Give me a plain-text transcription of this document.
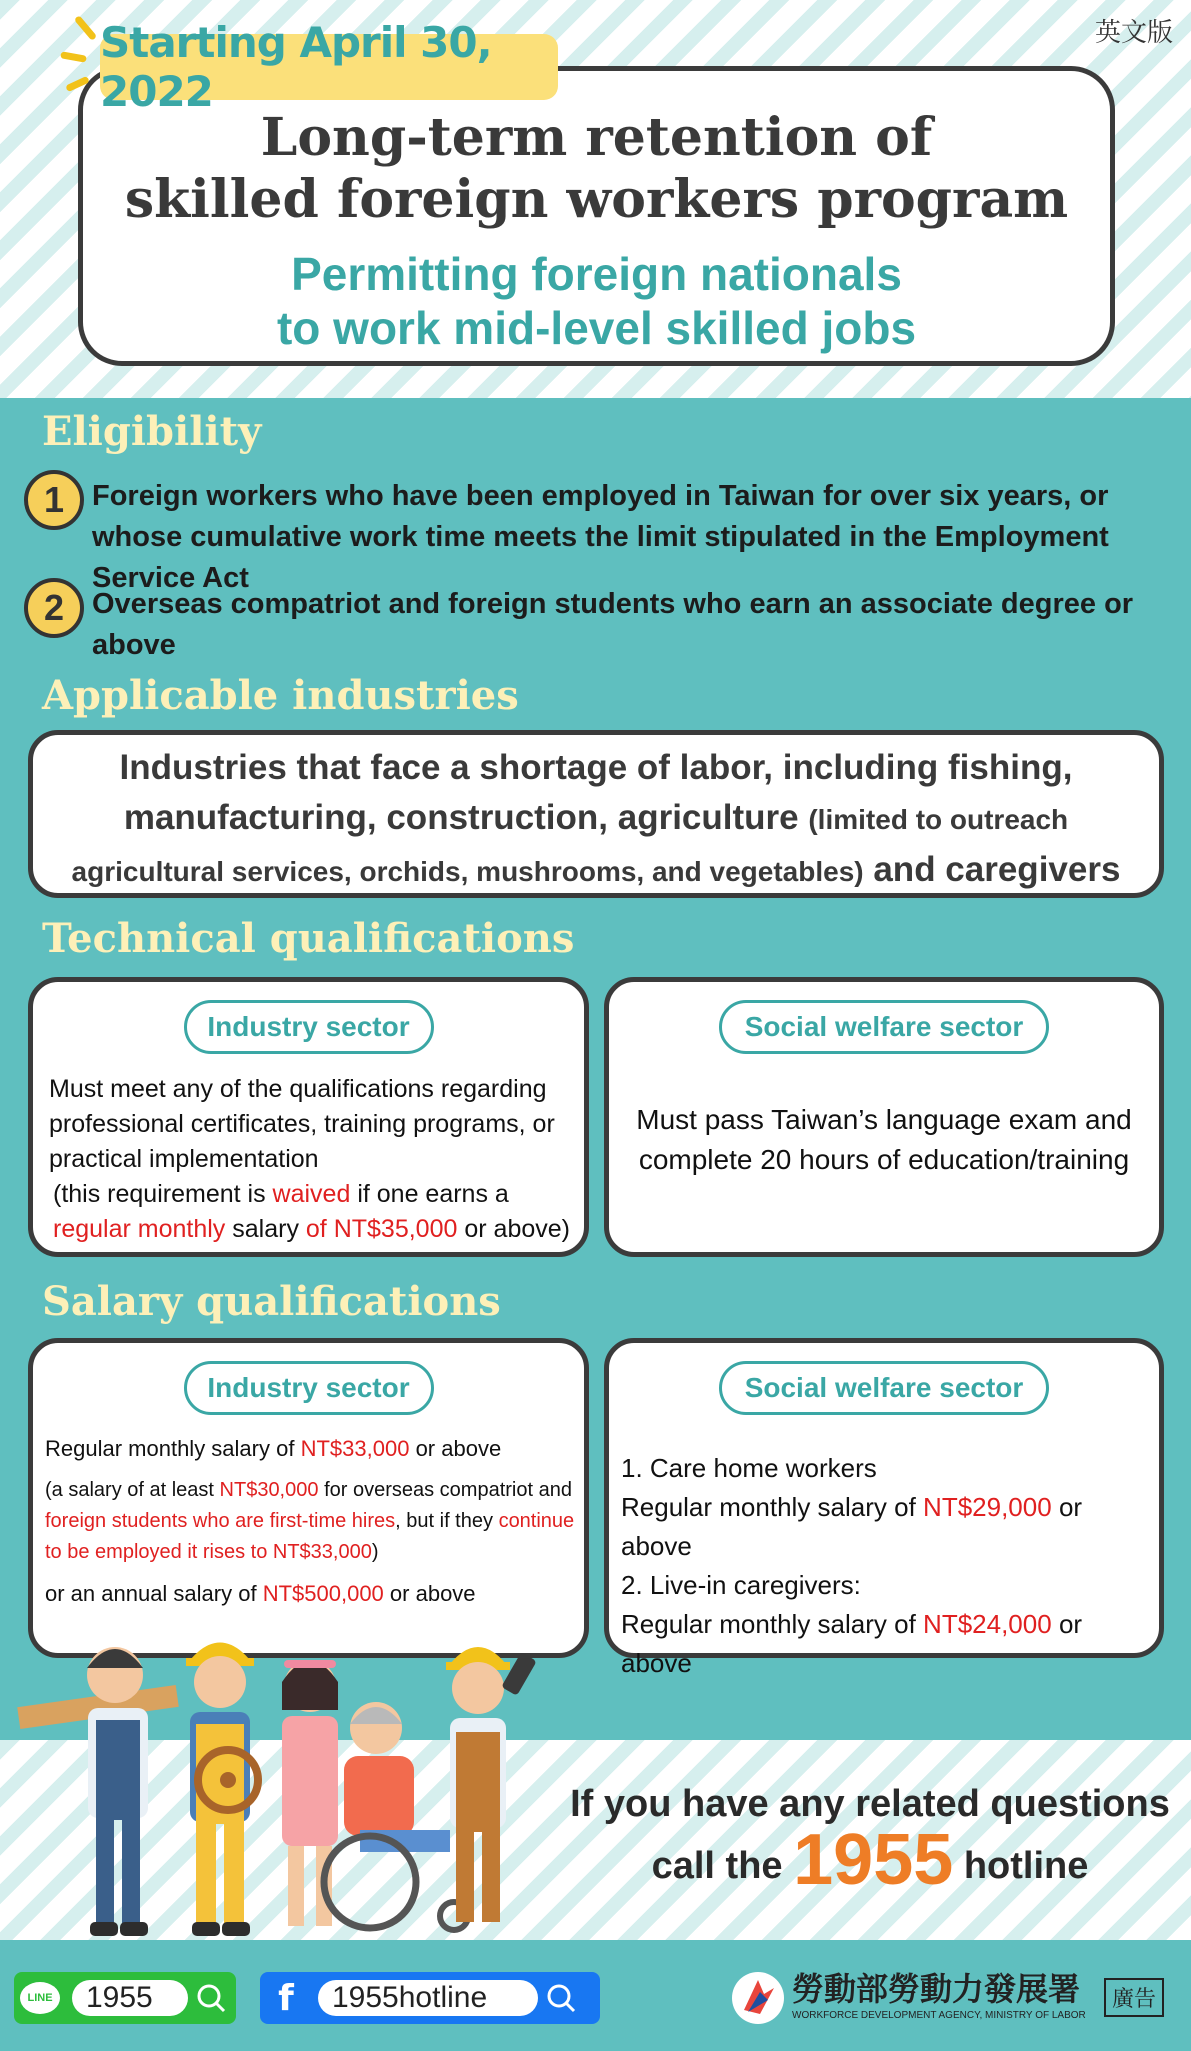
英文版
Long-term retention of
skilled foreign workers program
Permitting foreign nationals
to work mid-level skilled jobs
Starting April 30, 2022
Eligibility
1 Foreign workers who have been employed in Taiwan for over six years, or whose cumulative work time meets the limit stipulated in the Employment Service Act
2 Overseas compatriot and foreign students who earn an associate degree or above
Applicable industries
Industries that face a shortage of labor, including fishing, manufacturing, construction, agriculture (limited to outreach agricultural services, orchids, mushrooms, and vegetables) and caregivers
Technical qualifications
Industry sector
Must meet any of the qualifications regarding professional certificates, training programs, or practical implementation
(this requirement is waived if one earns a regular monthly salary of NT$35,000 or above)
Social welfare sector
Must pass Taiwan’s language exam and complete 20 hours of education/training
Salary qualifications
Industry sector
Regular monthly salary of NT$33,000 or above
(a salary of at least NT$30,000 for overseas compatriot and foreign students who are first-time hires, but if they continue to be employed it rises to NT$33,000)
or an annual salary of NT$500,000 or above
Social welfare sector
1. Care home workers
Regular monthly salary of NT$29,000 or above
2. Live-in caregivers:
Regular monthly salary of NT$24,000 or above
If you have any related questions
call the 1955 hotline
LINE	1955	f	1955hotline	勞動部勞動力發展署
WORKFORCE DEVELOPMENT AGENCY, MINISTRY OF LABOR
廣告
